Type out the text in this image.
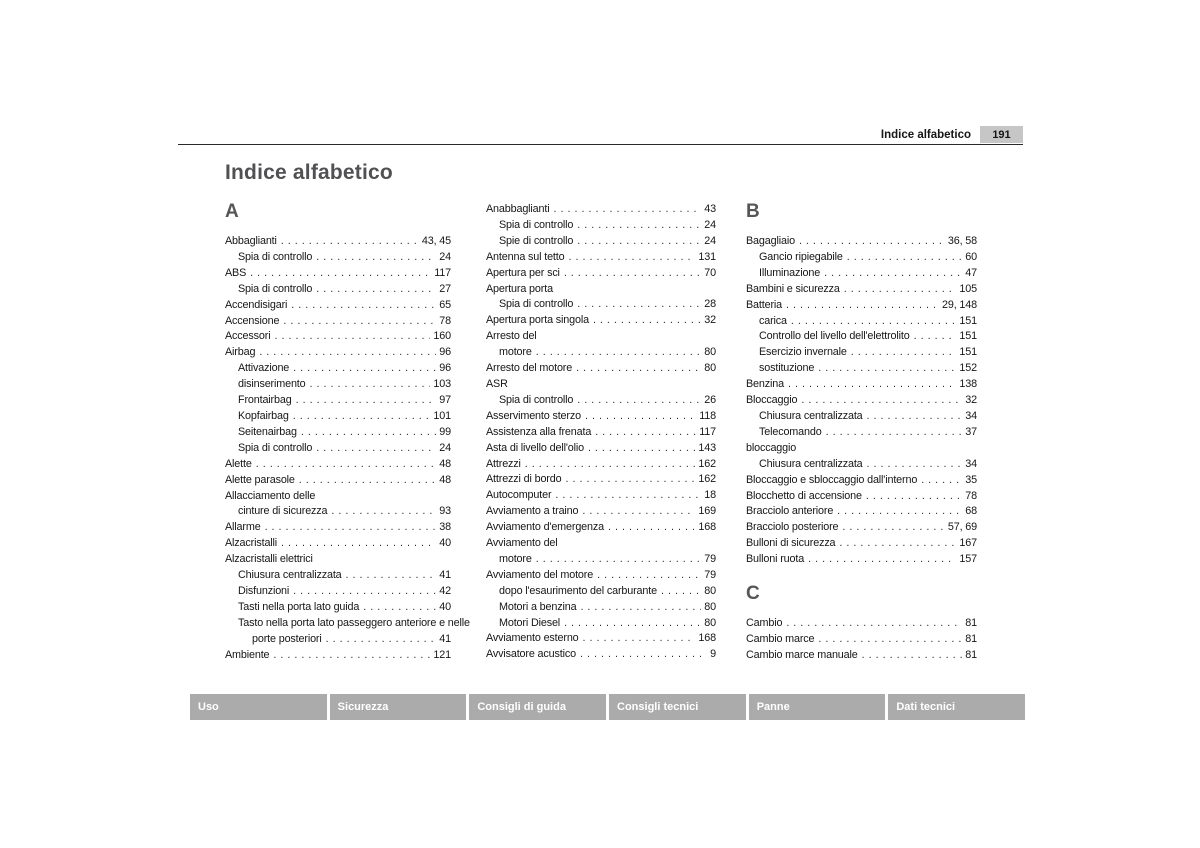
Indice alfabetico	191
Indice alfabetico
A
Abbaglianti . . .	43, 45
Spia di controllo . . .	24
ABS . . .	117
Spia di controllo . . .	27
Accendisigari . . .	65
Accensione . . .	78
Accessori . . .	160
Airbag . . .	96
Attivazione . . .	96
disinserimento . . .	103
Frontairbag . . .	97
Kopfairbag . . .	101
Seitenairbag . . .	99
Spia di controllo . . .	24
Alette . . .	48
Alette parasole . . .	48
Allacciamento delle
cinture di sicurezza . . .	93
Allarme . . .	38
Alzacristalli . . .	40
Alzacristalli elettrici
Chiusura centralizzata . . .	41
Disfunzioni . . .	42
Tasti nella porta lato guida . . .	40
Tasto nella porta lato passeggero anteriore e nelle
porte posteriori . . .	41
Ambiente . . .	121
Anabbaglianti . . .	43
Spia di controllo . . .	24
Spie di controllo . . .	24
Antenna sul tetto . . .	131
Apertura per sci . . .	70
Apertura porta
Spia di controllo . . .	28
Apertura porta singola . . .	32
Arresto del
motore . . .	80
Arresto del motore . . .	80
ASR
Spia di controllo . . .	26
Asservimento sterzo . . .	118
Assistenza alla frenata . . .	117
Asta di livello dell'olio . . .	143
Attrezzi . . .	162
Attrezzi di bordo . . .	162
Autocomputer . . .	18
Avviamento a traino . . .	169
Avviamento d'emergenza . . .	168
Avviamento del
motore . . .	79
Avviamento del motore . . .	79
dopo l'esaurimento del carburante . . .	80
Motori a benzina . . .	80
Motori Diesel . . .	80
Avviamento esterno . . .	168
Avvisatore acustico . . .	9
B
Bagagliaio . . .	36, 58
Gancio ripiegabile . . .	60
Illuminazione . . .	47
Bambini e sicurezza . . .	105
Batteria . . .	29, 148
carica . . .	151
Controllo del livello dell'elettrolito . . .	151
Esercizio invernale . . .	151
sostituzione . . .	152
Benzina . . .	138
Bloccaggio . . .	32
Chiusura centralizzata . . .	34
Telecomando . . .	37
bloccaggio
Chiusura centralizzata . . .	34
Bloccaggio e sbloccaggio dall'interno . . .	35
Blocchetto di accensione . . .	78
Bracciolo anteriore . . .	68
Bracciolo posteriore . . .	57, 69
Bulloni di sicurezza . . .	167
Bulloni ruota . . .	157
C
Cambio . . .	81
Cambio marce . . .	81
Cambio marce manuale . . .	81
Uso	Sicurezza	Consigli di guida	Consigli tecnici	Panne	Dati tecnici
